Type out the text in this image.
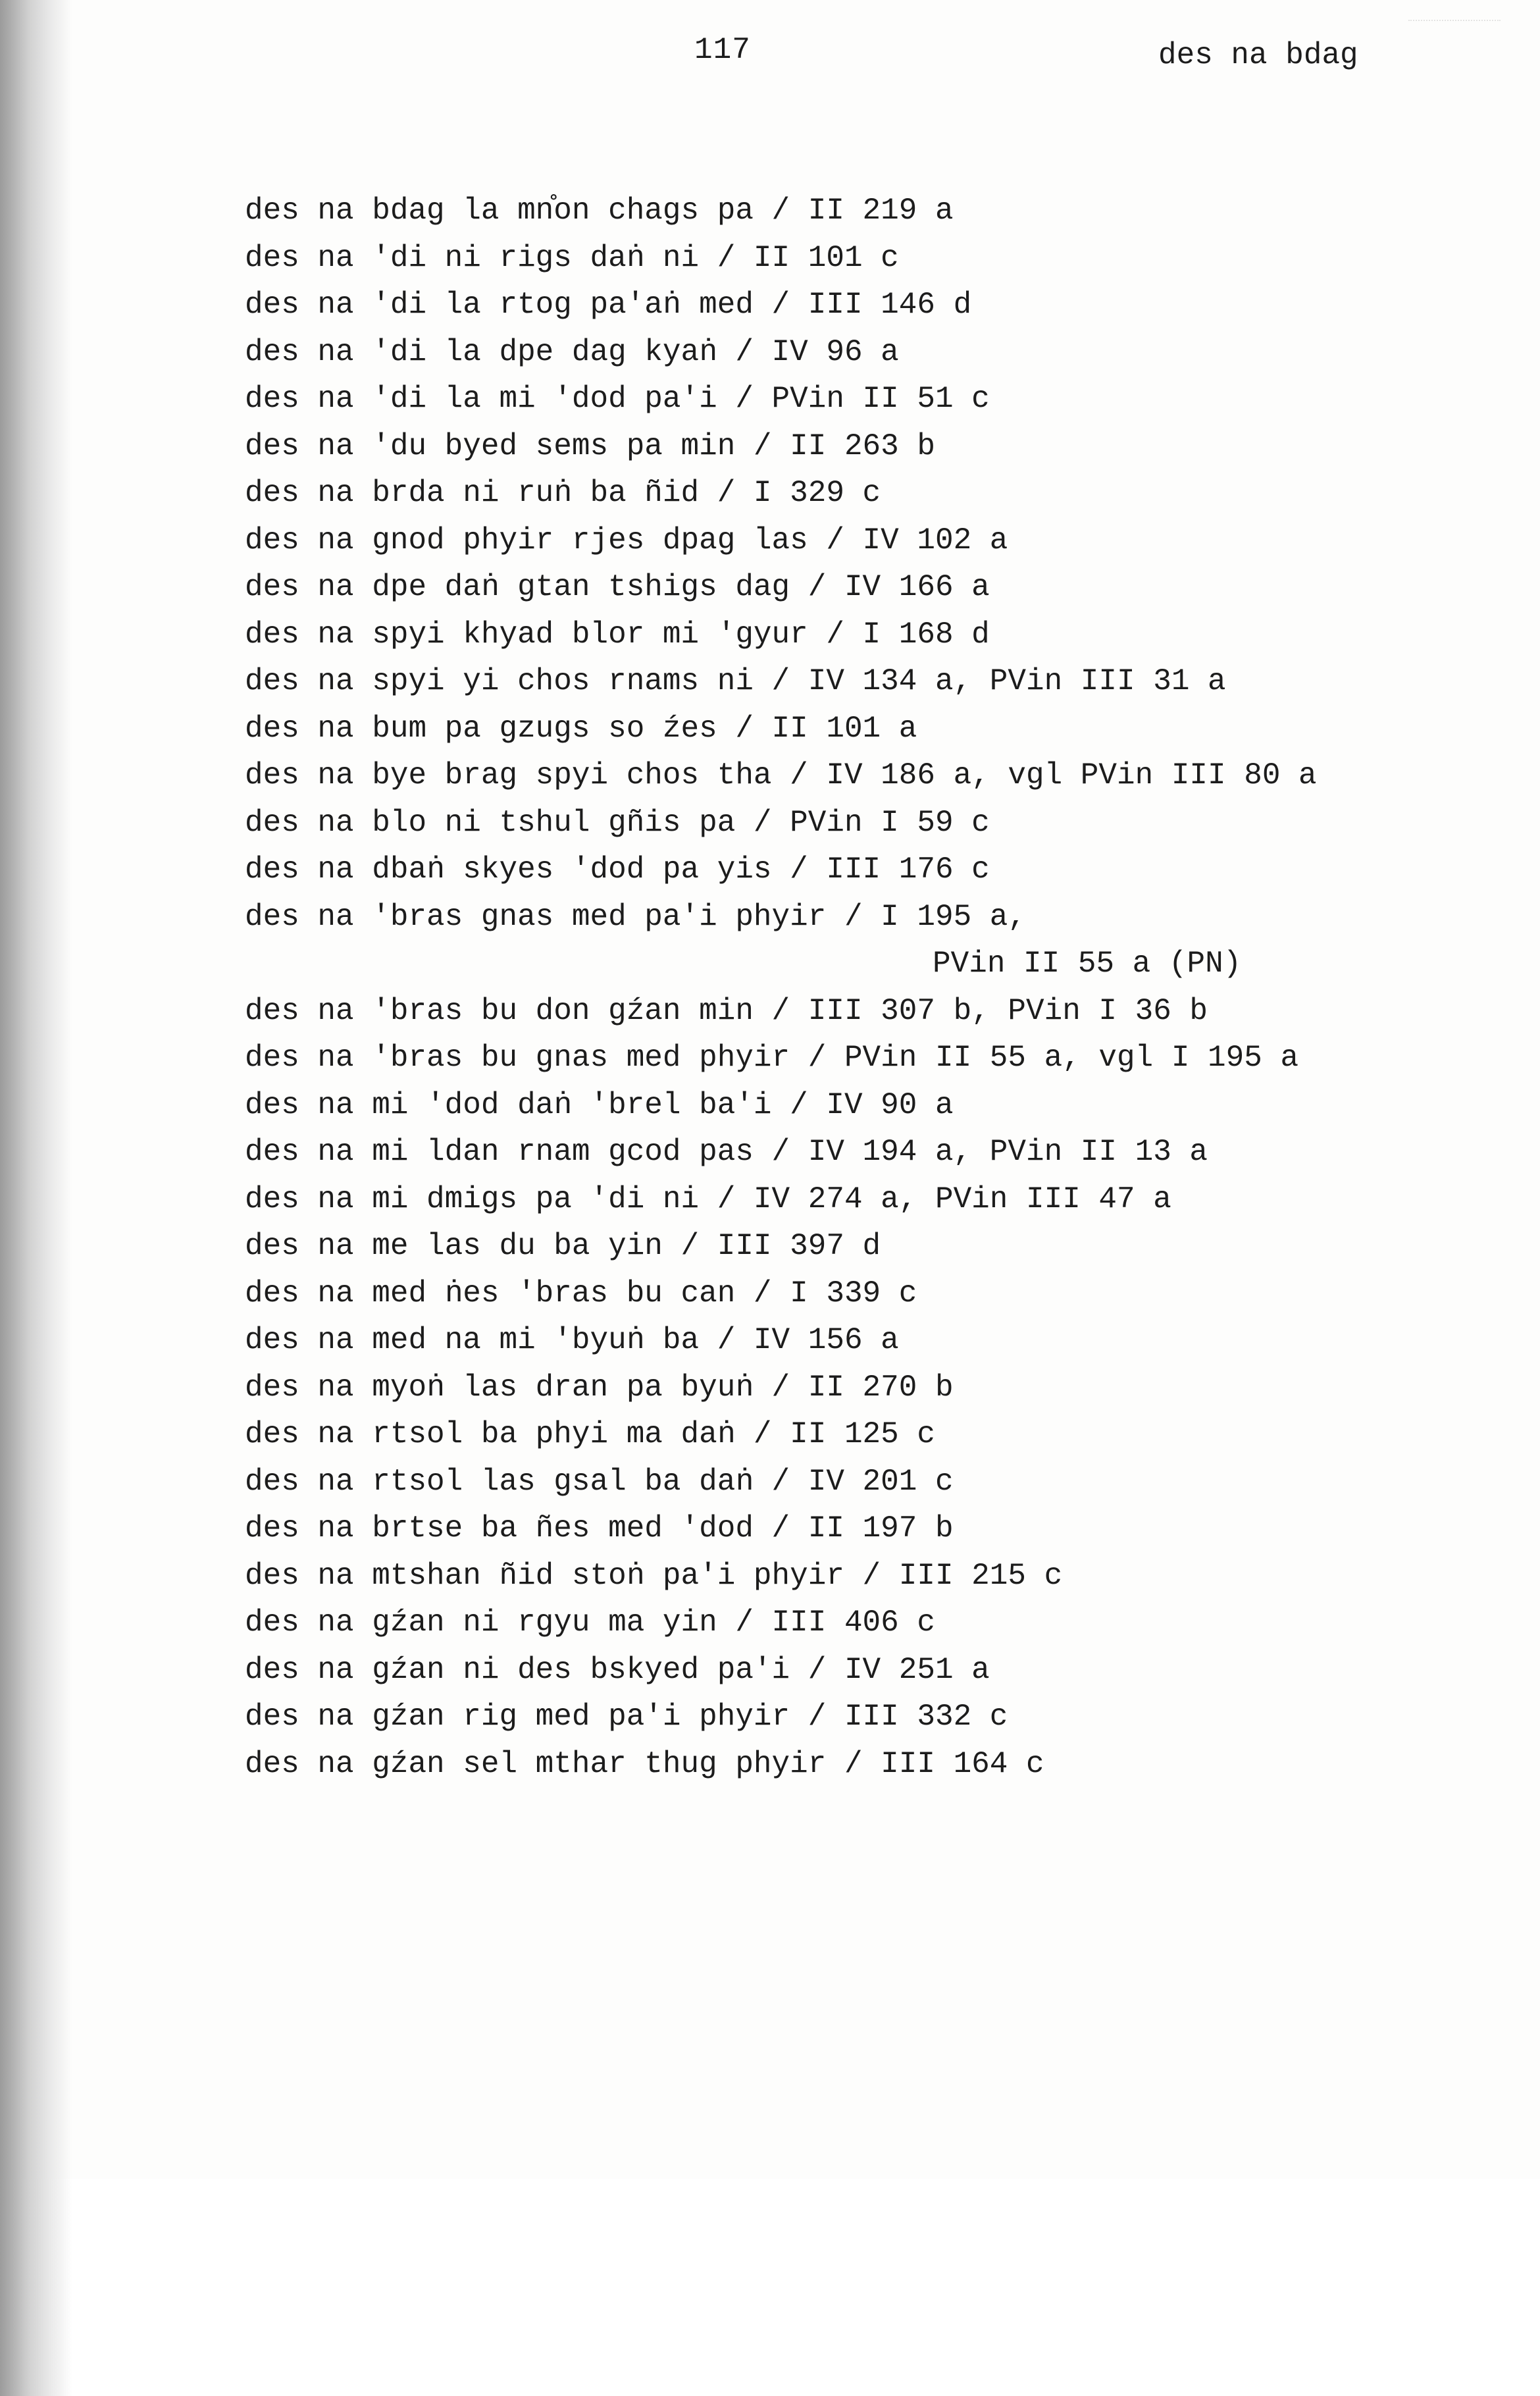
117	des na bdag
des na bdag la mn̊on chags pa / II 219 a
des na 'di ni rigs daṅ ni / II 101 c
des na 'di la rtog pa'aṅ med / III 146 d
des na 'di la dpe dag kyaṅ / IV 96 a
des na 'di la mi 'dod pa'i / PVin II 51 c
des na 'du byed sems pa min / II 263 b
des na brda ni ruṅ ba ñid / I 329 c
des na gnod phyir rjes dpag las / IV 102 a
des na dpe daṅ gtan tshigs dag / IV 166 a
des na spyi khyad blor mi 'gyur / I 168 d
des na spyi yi chos rnams ni / IV 134 a, PVin III 31 a
des na bum pa gzugs so źes / II 101 a
des na bye brag spyi chos tha / IV 186 a, vgl PVin III 80 a
des na blo ni tshul gñis pa / PVin I 59 c
des na dbaṅ skyes 'dod pa yis / III 176 c
des na 'bras gnas med pa'i phyir / I 195 a,
PVin II 55 a (PN)
des na 'bras bu don gźan min / III 307 b, PVin I 36 b
des na 'bras bu gnas med phyir / PVin II 55 a, vgl I 195 a
des na mi 'dod daṅ 'brel ba'i / IV 90 a
des na mi ldan rnam gcod pas / IV 194 a, PVin II 13 a
des na mi dmigs pa 'di ni / IV 274 a, PVin III 47 a
des na me las du ba yin / III 397 d
des na med ṅes 'bras bu can / I 339 c
des na med na mi 'byuṅ ba / IV 156 a
des na myoṅ las dran pa byuṅ / II 270 b
des na rtsol ba phyi ma daṅ / II 125 c
des na rtsol las gsal ba daṅ / IV 201 c
des na brtse ba ñes med 'dod / II 197 b
des na mtshan ñid stoṅ pa'i phyir / III 215 c
des na gźan ni rgyu ma yin / III 406 c
des na gźan ni des bskyed pa'i / IV 251 a
des na gźan rig med pa'i phyir / III 332 c
des na gźan sel mthar thug phyir / III 164 c
